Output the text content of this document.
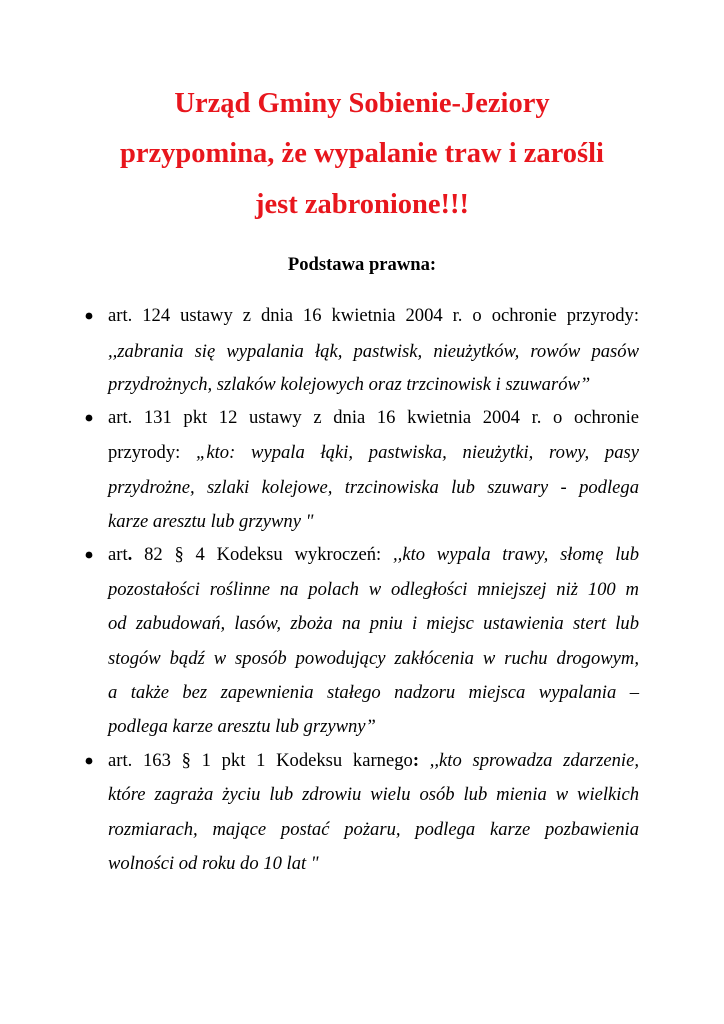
Urząd Gminy Sobienie-Jeziory
przypomina, że wypalanie traw i zarośli
jest zabronione!!!
Podstawa prawna:
art. 124 ustawy z dnia 16 kwietnia 2004 r. o ochronie przyrody:
,,zabrania się wypalania łąk, pastwisk, nieużytków, rowów pasów
przydrożnych, szlaków kolejowych oraz trzcinowisk i szuwarów”
art. 131 pkt 12 ustawy z dnia 16 kwietnia 2004 r. o ochronie
przyrody: „kto: wypala łąki, pastwiska, nieużytki, rowy, pasy
przydrożne, szlaki kolejowe, trzcinowiska lub szuwary - podlega
karze aresztu lub grzywny "
art. 82 § 4 Kodeksu wykroczeń: ,,kto wypala trawy, słomę lub
pozostałości roślinne na polach w odległości mniejszej niż 100 m
od zabudowań, lasów, zboża na pniu i miejsc ustawienia stert lub
stogów bądź w sposób powodujący zakłócenia w ruchu drogowym,
a także bez zapewnienia stałego nadzoru miejsca wypalania –
podlega karze aresztu lub grzywny”
art. 163 § 1 pkt 1 Kodeksu karnego: ,,kto sprowadza zdarzenie,
które zagraża życiu lub zdrowiu wielu osób lub mienia w wielkich
rozmiarach, mające postać pożaru, podlega karze pozbawienia
wolności od roku do 10 lat "
